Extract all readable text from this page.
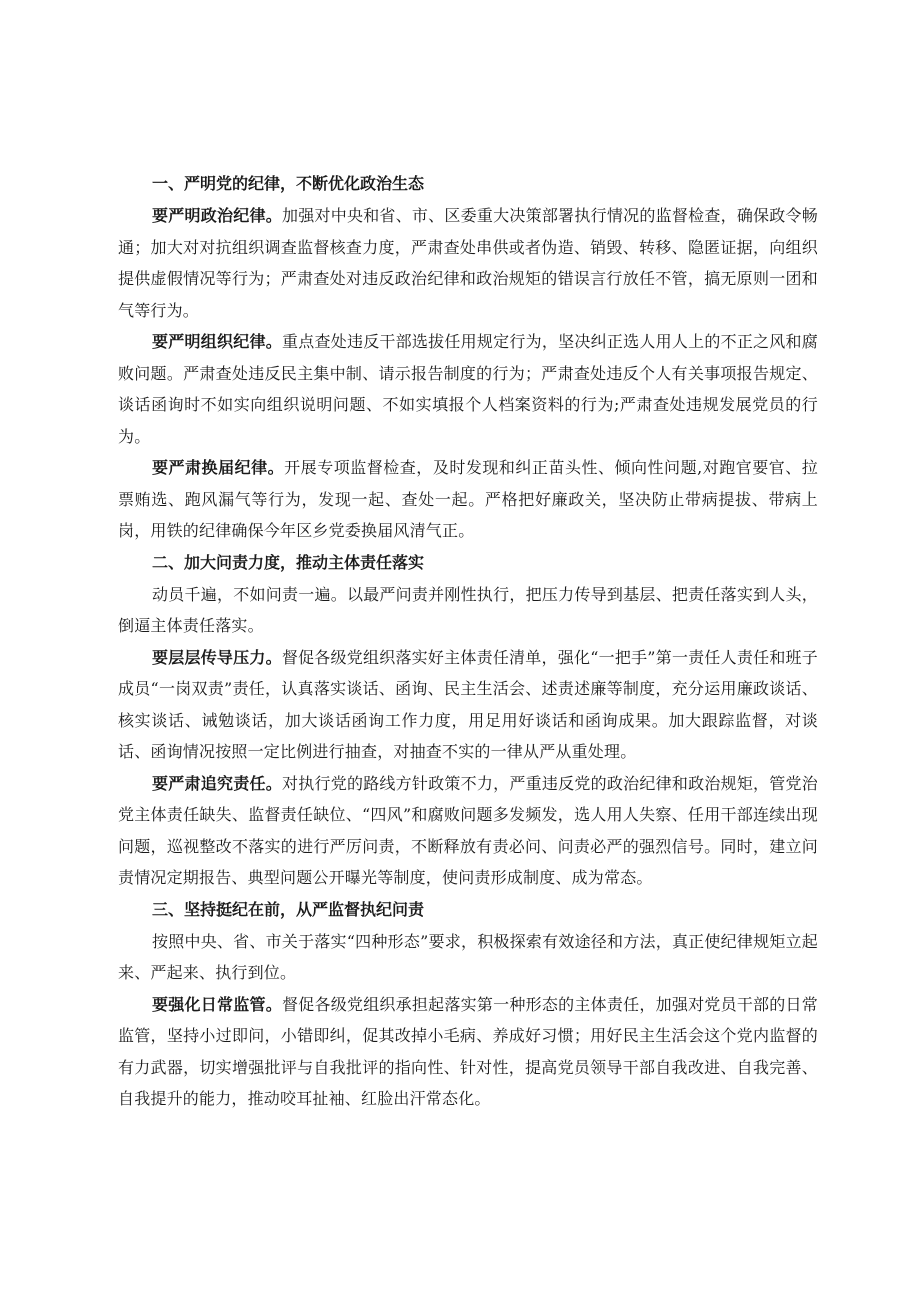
一、严明党的纪律，不断优化政治生态

要严明政治纪律。加强对中央和省、市、区委重大决策部署执行情况的监督检查，确保政令畅通；加大对对抗组织调查监督核查力度，严肃查处串供或者伪造、销毁、转移、隐匿证据，向组织提供虚假情况等行为；严肃查处对违反政治纪律和政治规矩的错误言行放任不管，搞无原则一团和气等行为。

要严明组织纪律。重点查处违反干部选拔任用规定行为，坚决纠正选人用人上的不正之风和腐败问题。严肃查处违反民主集中制、请示报告制度的行为；严肃查处违反个人有关事项报告规定、谈话函询时不如实向组织说明问题、不如实填报个人档案资料的行为;严肃查处违规发展党员的行为。

要严肃换届纪律。开展专项监督检查，及时发现和纠正苗头性、倾向性问题,对跑官要官、拉票贿选、跑风漏气等行为，发现一起、查处一起。严格把好廉政关，坚决防止带病提拔、带病上岗，用铁的纪律确保今年区乡党委换届风清气正。

二、加大问责力度，推动主体责任落实

动员千遍，不如问责一遍。以最严问责并刚性执行，把压力传导到基层、把责任落实到人头，倒逼主体责任落实。

要层层传导压力。督促各级党组织落实好主体责任清单，强化“一把手”第一责任人责任和班子成员“一岗双责”责任，认真落实谈话、函询、民主生活会、述责述廉等制度，充分运用廉政谈话、核实谈话、诫勉谈话，加大谈话函询工作力度，用足用好谈话和函询成果。加大跟踪监督，对谈话、函询情况按照一定比例进行抽查，对抽查不实的一律从严从重处理。

要严肃追究责任。对执行党的路线方针政策不力，严重违反党的政治纪律和政治规矩，管党治党主体责任缺失、监督责任缺位、“四风”和腐败问题多发频发，选人用人失察、任用干部连续出现问题，巡视整改不落实的进行严厉问责，不断释放有责必问、问责必严的强烈信号。同时，建立问责情况定期报告、典型问题公开曝光等制度，使问责形成制度、成为常态。

三、坚持挺纪在前，从严监督执纪问责

按照中央、省、市关于落实“四种形态”要求，积极探索有效途径和方法，真正使纪律规矩立起来、严起来、执行到位。

要强化日常监管。督促各级党组织承担起落实第一种形态的主体责任，加强对党员干部的日常监管，坚持小过即问，小错即纠，促其改掉小毛病、养成好习惯；用好民主生活会这个党内监督的有力武器，切实增强批评与自我批评的指向性、针对性，提高党员领导干部自我改进、自我完善、自我提升的能力，推动咬耳扯袖、红脸出汗常态化。
